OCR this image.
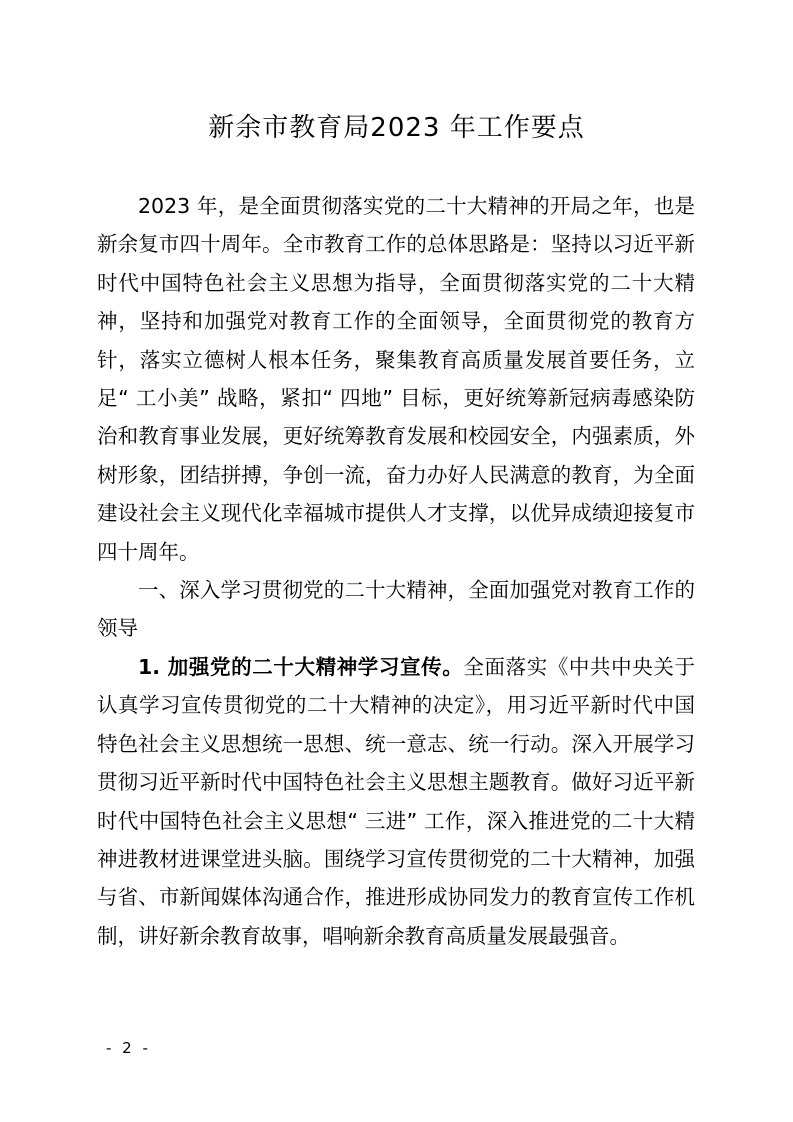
新余市教育局2023 年工作要点

2023 年，是全面贯彻落实党的二十大精神的开局之年，也是新余复市四十周年。全市教育工作的总体思路是：坚持以习近平新时代中国特色社会主义思想为指导，全面贯彻落实党的二十大精神，坚持和加强党对教育工作的全面领导，全面贯彻党的教育方针，落实立德树人根本任务，聚集教育高质量发展首要任务，立足“ 工小美” 战略，紧扣“ 四地” 目标，更好统筹新冠病毒感染防治和教育事业发展，更好统筹教育发展和校园安全，内强素质，外树形象，团结拼搏，争创一流，奋力办好人民满意的教育，为全面建设社会主义现代化幸福城市提供人才支撑，以优异成绩迎接复市四十周年。

一、深入学习贯彻党的二十大精神，全面加强党对教育工作的领导

1. 加强党的二十大精神学习宣传。全面落实《中共中央关于认真学习宣传贯彻党的二十大精神的决定》，用习近平新时代中国特色社会主义思想统一思想、统一意志、统一行动。深入开展学习贯彻习近平新时代中国特色社会主义思想主题教育。做好习近平新时代中国特色社会主义思想“ 三进” 工作，深入推进党的二十大精神进教材进课堂进头脑。围绕学习宣传贯彻党的二十大精神，加强与省、市新闻媒体沟通合作，推进形成协同发力的教育宣传工作机制，讲好新余教育故事，唱响新余教育高质量发展最强音。

- 2 -
